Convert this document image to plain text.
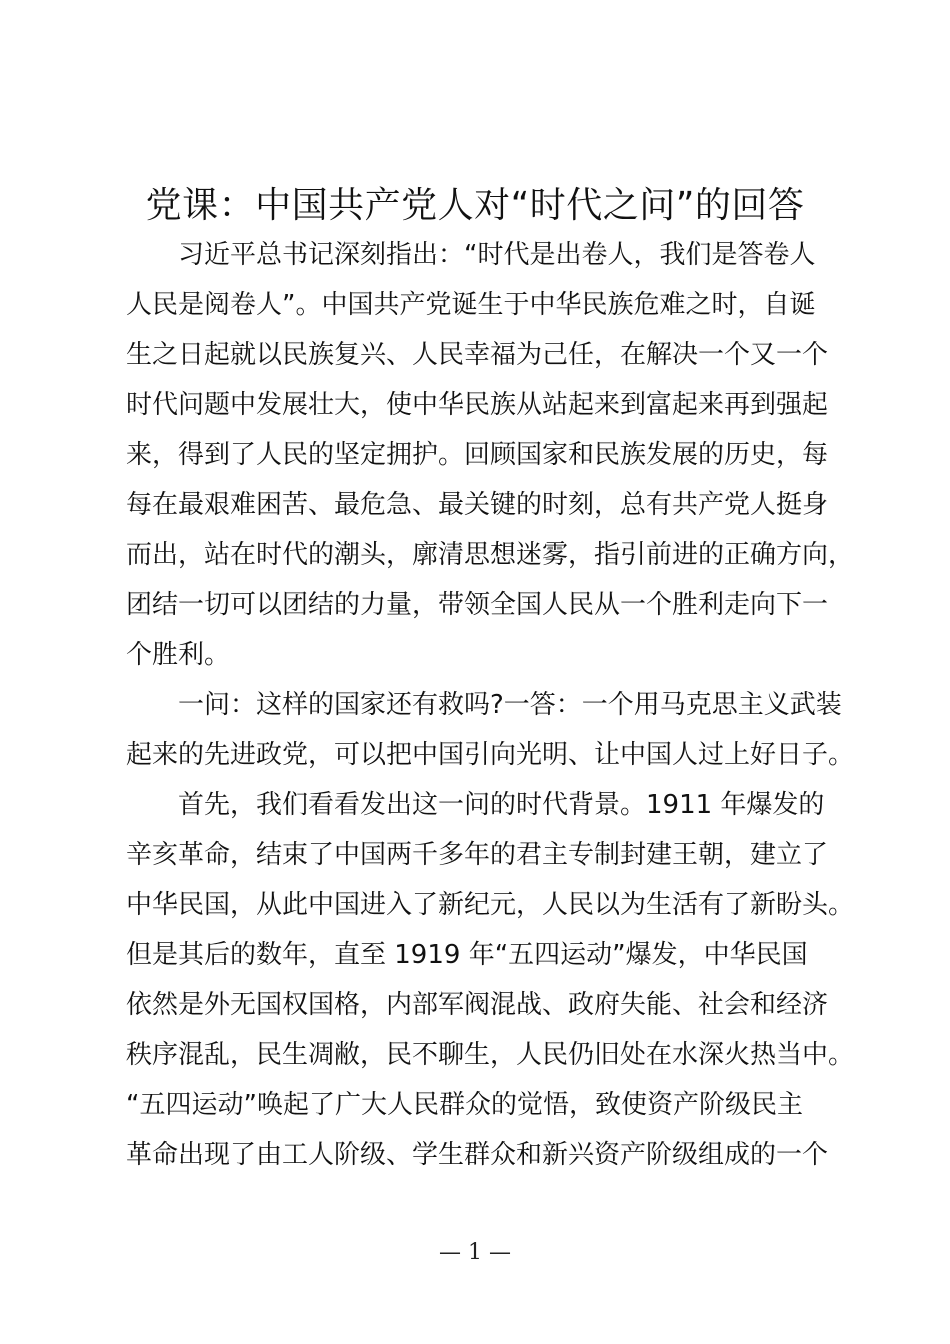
党课：中国共产党人对“时代之问”的回答
习近平总书记深刻指出：“时代是出卷人，我们是答卷人
人民是阅卷人”。中国共产党诞生于中华民族危难之时，自诞
生之日起就以民族复兴、人民幸福为己任，在解决一个又一个
时代问题中发展壮大，使中华民族从站起来到富起来再到强起
来，得到了人民的坚定拥护。回顾国家和民族发展的历史，每
每在最艰难困苦、最危急、最关键的时刻，总有共产党人挺身
而出，站在时代的潮头，廓清思想迷雾，指引前进的正确方向，
团结一切可以团结的力量，带领全国人民从一个胜利走向下一
个胜利。
一问：这样的国家还有救吗?一答：一个用马克思主义武装
起来的先进政党，可以把中国引向光明、让中国人过上好日子。
首先，我们看看发出这一问的时代背景。1911 年爆发的
辛亥革命，结束了中国两千多年的君主专制封建王朝，建立了
中华民国，从此中国进入了新纪元，人民以为生活有了新盼头。
但是其后的数年，直至 1919 年“五四运动”爆发，中华民国
依然是外无国权国格，内部军阀混战、政府失能、社会和经济
秩序混乱，民生凋敝，民不聊生，人民仍旧处在水深火热当中。
“五四运动”唤起了广大人民群众的觉悟，致使资产阶级民主
革命出现了由工人阶级、学生群众和新兴资产阶级组成的一个
— 1 —
